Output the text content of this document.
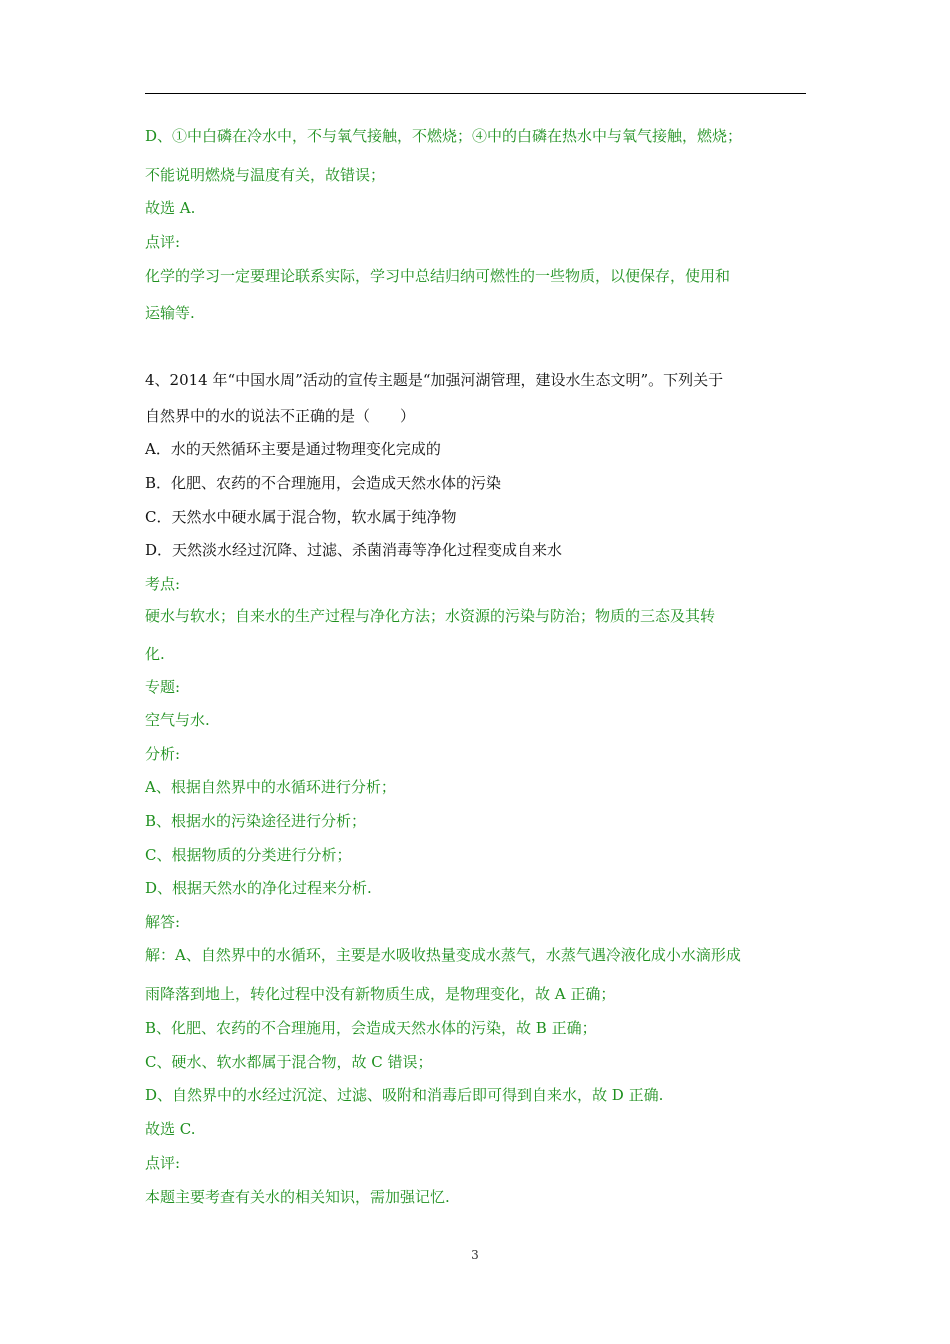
D、①中白磷在冷水中，不与氧气接触，不燃烧；④中的白磷在热水中与氧气接触，燃烧；
不能说明燃烧与温度有关，故错误；
故选 A.
点评:
化学的学习一定要理论联系实际，学习中总结归纳可燃性的一些物质，以便保存，使用和
运输等.
4、2014 年“中国水周”活动的宣传主题是“加强河湖管理，建设水生态文明”。下列关于
自然界中的水的说法不正确的是（　　）
A．水的天然循环主要是通过物理变化完成的
B．化肥、农药的不合理施用，会造成天然水体的污染
C．天然水中硬水属于混合物，软水属于纯净物
D．天然淡水经过沉降、过滤、杀菌消毒等净化过程变成自来水
考点:
硬水与软水；自来水的生产过程与净化方法；水资源的污染与防治；物质的三态及其转
化.
专题:
空气与水.
分析:
A、根据自然界中的水循环进行分析；
B、根据水的污染途径进行分析；
C、根据物质的分类进行分析；
D、根据天然水的净化过程来分析.
解答:
解：A、自然界中的水循环，主要是水吸收热量变成水蒸气，水蒸气遇冷液化成小水滴形成
雨降落到地上，转化过程中没有新物质生成，是物理变化，故 A 正确；
B、化肥、农药的不合理施用，会造成天然水体的污染，故 B 正确；
C、硬水、软水都属于混合物，故 C 错误；
D、自然界中的水经过沉淀、过滤、吸附和消毒后即可得到自来水，故 D 正确.
故选 C.
点评:
本题主要考查有关水的相关知识，需加强记忆.
3
